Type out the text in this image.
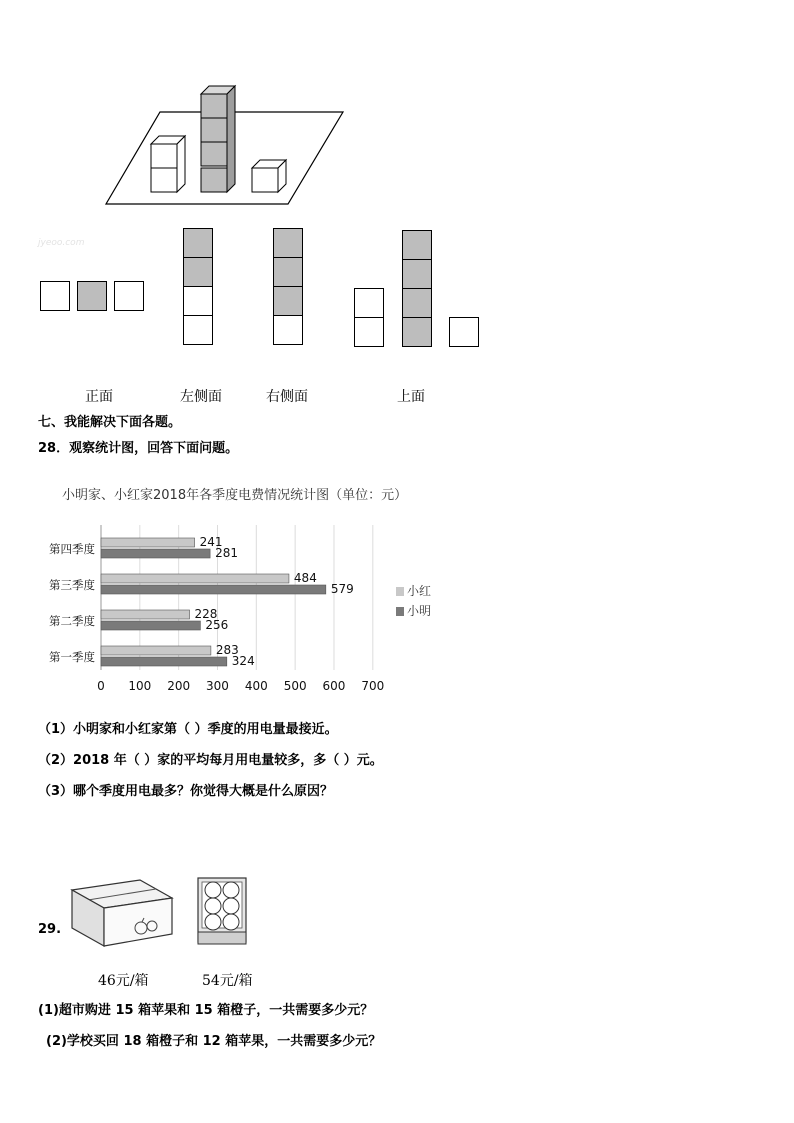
jyeoo.com
正面	左侧面	右侧面	上面
七、我能解决下面各题。
28．观察统计图，回答下面问题。
小明家、小红家2018年各季度电费情况统计图（单位：元）
0 100 200 300 400 500 600 700
第一季度	283
324
第二季度	228
256
第三季度	484
579
第四季度	241
281
小红
小明
（1）小明家和小红家第（ ）季度的用电量最接近。
（2）2018 年（ ）家的平均每月用电量较多，多（ ）元。
（3）哪个季度用电最多？你觉得大概是什么原因？
29.
46元/箱	54元/箱
(1)超市购进 15 箱苹果和 15 箱橙子，一共需要多少元？
(2)学校买回 18 箱橙子和 12 箱苹果，一共需要多少元？
